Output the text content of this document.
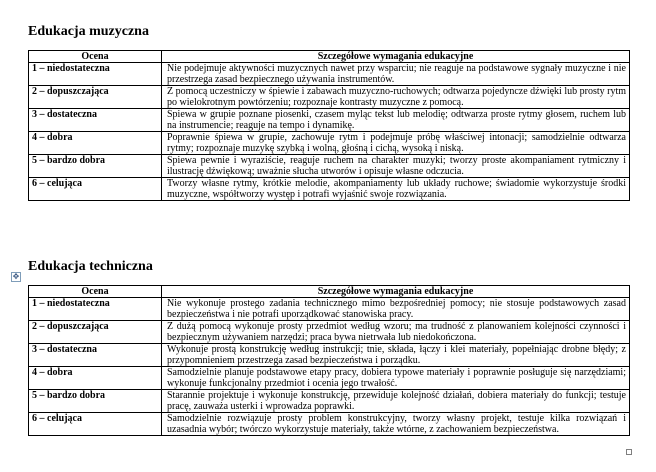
Edukacja muzyczna
Ocena	Szczegółowe wymagania edukacyjne
1 – niedostateczna	Nie podejmuje aktywności muzycznych nawet przy wsparciu; nie reaguje na podstawowe sygnały muzyczne i nie przestrzega zasad bezpiecznego używania instrumentów.
2 – dopuszczająca	Z pomocą uczestniczy w śpiewie i zabawach muzyczno-ruchowych; odtwarza pojedyncze dźwięki lub prosty rytm po wielokrotnym powtórzeniu; rozpoznaje kontrasty muzyczne z pomocą.
3 – dostateczna	Śpiewa w grupie poznane piosenki, czasem myląc tekst lub melodię; odtwarza proste rytmy głosem, ruchem lub na instrumencie; reaguje na tempo i dynamikę.
4 – dobra	Poprawnie śpiewa w grupie, zachowuje rytm i podejmuje próbę właściwej intonacji; samodzielnie odtwarza rytmy; rozpoznaje muzykę szybką i wolną, głośną i cichą, wysoką i niską.
5 – bardzo dobra	Śpiewa pewnie i wyraziście, reaguje ruchem na charakter muzyki; tworzy proste akompaniament rytmiczny i ilustrację dźwiękową; uważnie słucha utworów i opisuje własne odczucia.
6 – celująca	Tworzy własne rytmy, krótkie melodie, akompaniamenty lub układy ruchowe; świadomie wykorzystuje środki muzyczne, współtworzy występ i potrafi wyjaśnić swoje rozwiązania.
Edukacja techniczna
✥
Ocena	Szczegółowe wymagania edukacyjne
1 – niedostateczna	Nie wykonuje prostego zadania technicznego mimo bezpośredniej pomocy; nie stosuje podstawowych zasad bezpieczeństwa i nie potrafi uporządkować stanowiska pracy.
2 – dopuszczająca	Z dużą pomocą wykonuje prosty przedmiot według wzoru; ma trudność z planowaniem kolejności czynności i bezpiecznym używaniem narzędzi; praca bywa nietrwała lub niedokończona.
3 – dostateczna	Wykonuje prostą konstrukcję według instrukcji; tnie, składa, łączy i klei materiały, popełniając drobne błędy; z przypomnieniem przestrzega zasad bezpieczeństwa i porządku.
4 – dobra	Samodzielnie planuje podstawowe etapy pracy, dobiera typowe materiały i poprawnie posługuje się narzędziami; wykonuje funkcjonalny przedmiot i ocenia jego trwałość.
5 – bardzo dobra	Starannie projektuje i wykonuje konstrukcję, przewiduje kolejność działań, dobiera materiały do funkcji; testuje pracę, zauważa usterki i wprowadza poprawki.
6 – celująca	Samodzielnie rozwiązuje prosty problem konstrukcyjny, tworzy własny projekt, testuje kilka rozwiązań i uzasadnia wybór; twórczo wykorzystuje materiały, także wtórne, z zachowaniem bezpieczeństwa.
